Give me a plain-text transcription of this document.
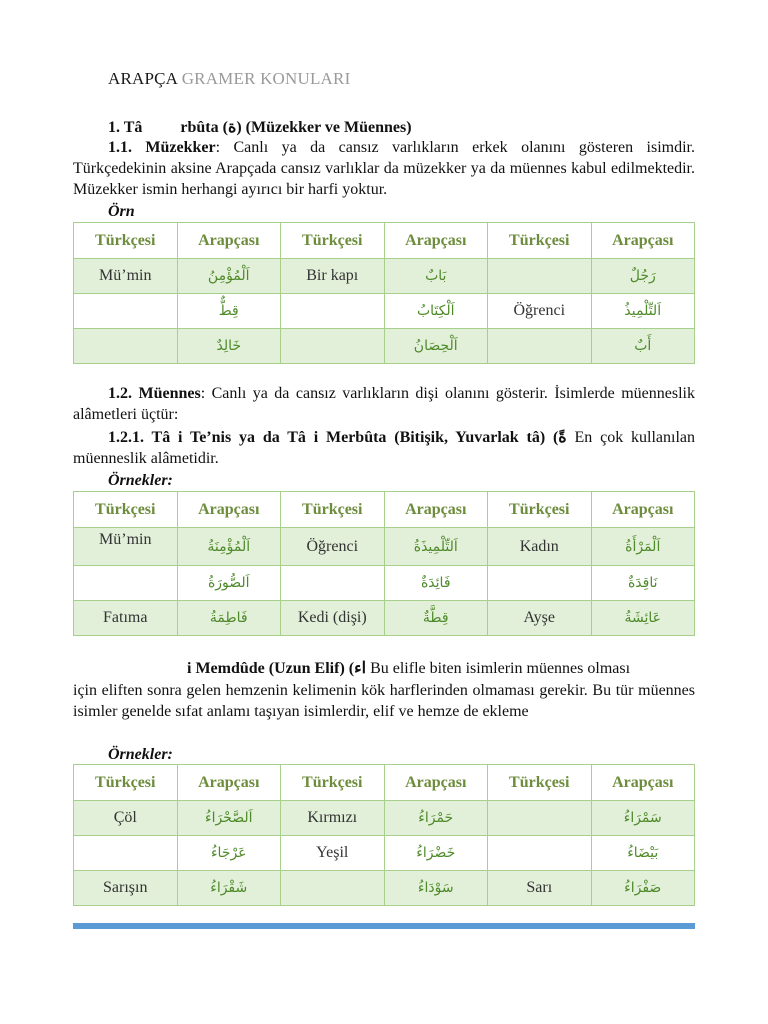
ARAPÇA GRAMER KONULARI
1. Tâ rbûta (ة) (Müzekker ve Müennes)
1.1. Müzekker: Canlı ya da cansız varlıkların erkek olanını gösteren isimdir. Türkçedekinin aksine Arapçada cansız varlıklar da müzekker ya da müennes kabul edilmektedir. Müzekker ismin herhangi ayırıcı bir harfi yoktur.
Örn
Türkçesi	Arapçası	Türkçesi	Arapçası	Türkçesi	Arapçası
Mü’min	اَلْمُؤْمِنُ	Bir kapı	بَابٌ		رَجُلٌ
	قِطٌّ		اَلْكِتَابُ	Öğrenci	اَلتِّلْمِيذُ
	خَالِدٌ		اَلْحِصَانُ		أَبٌ
1.2. Müennes: Canlı ya da cansız varlıkların dişi olanını gösterir. İsimlerde müenneslik alâmetleri üçtür:
1.2.1. Tâ i Te’nis ya da Tâ i Merbûta (Bitişik, Yuvarlak tâ) (ةً En çok kullanılan müenneslik alâmetidir.
Örnekler:
Türkçesi	Arapçası	Türkçesi	Arapçası	Türkçesi	Arapçası
Mü’min	اَلْمُؤْمِنَةُ	Öğrenci	اَلتِّلْمِيذَةُ	Kadın	اَلْمَرْأَةُ
	اَلصُّورَةُ		فَائِدَةٌ		نَاقِدَةٌ
Fatıma	فَاطِمَةُ	Kedi (dişi)	قِطَّةٌ	Ayşe	عَائِشَةُ
i Memdûde (Uzun Elif) (اء Bu elifle biten isimlerin müennes olması
için eliften sonra gelen hemzenin kelimenin kök harflerinden olmaması gerekir. Bu tür müennes isimler genelde sıfat anlamı taşıyan isimlerdir, elif ve hemze de ekleme
Örnekler:
Türkçesi	Arapçası	Türkçesi	Arapçası	Türkçesi	Arapçası
Çöl	اَلصَّحْرَاءُ	Kırmızı	حَمْرَاءُ		سَمْرَاءُ
	عَرْجَاءُ	Yeşil	خَضْرَاءُ		بَيْضَاءُ
Sarışın	شَقْرَاءُ		سَوْدَاءُ	Sarı	صَفْرَاءُ
